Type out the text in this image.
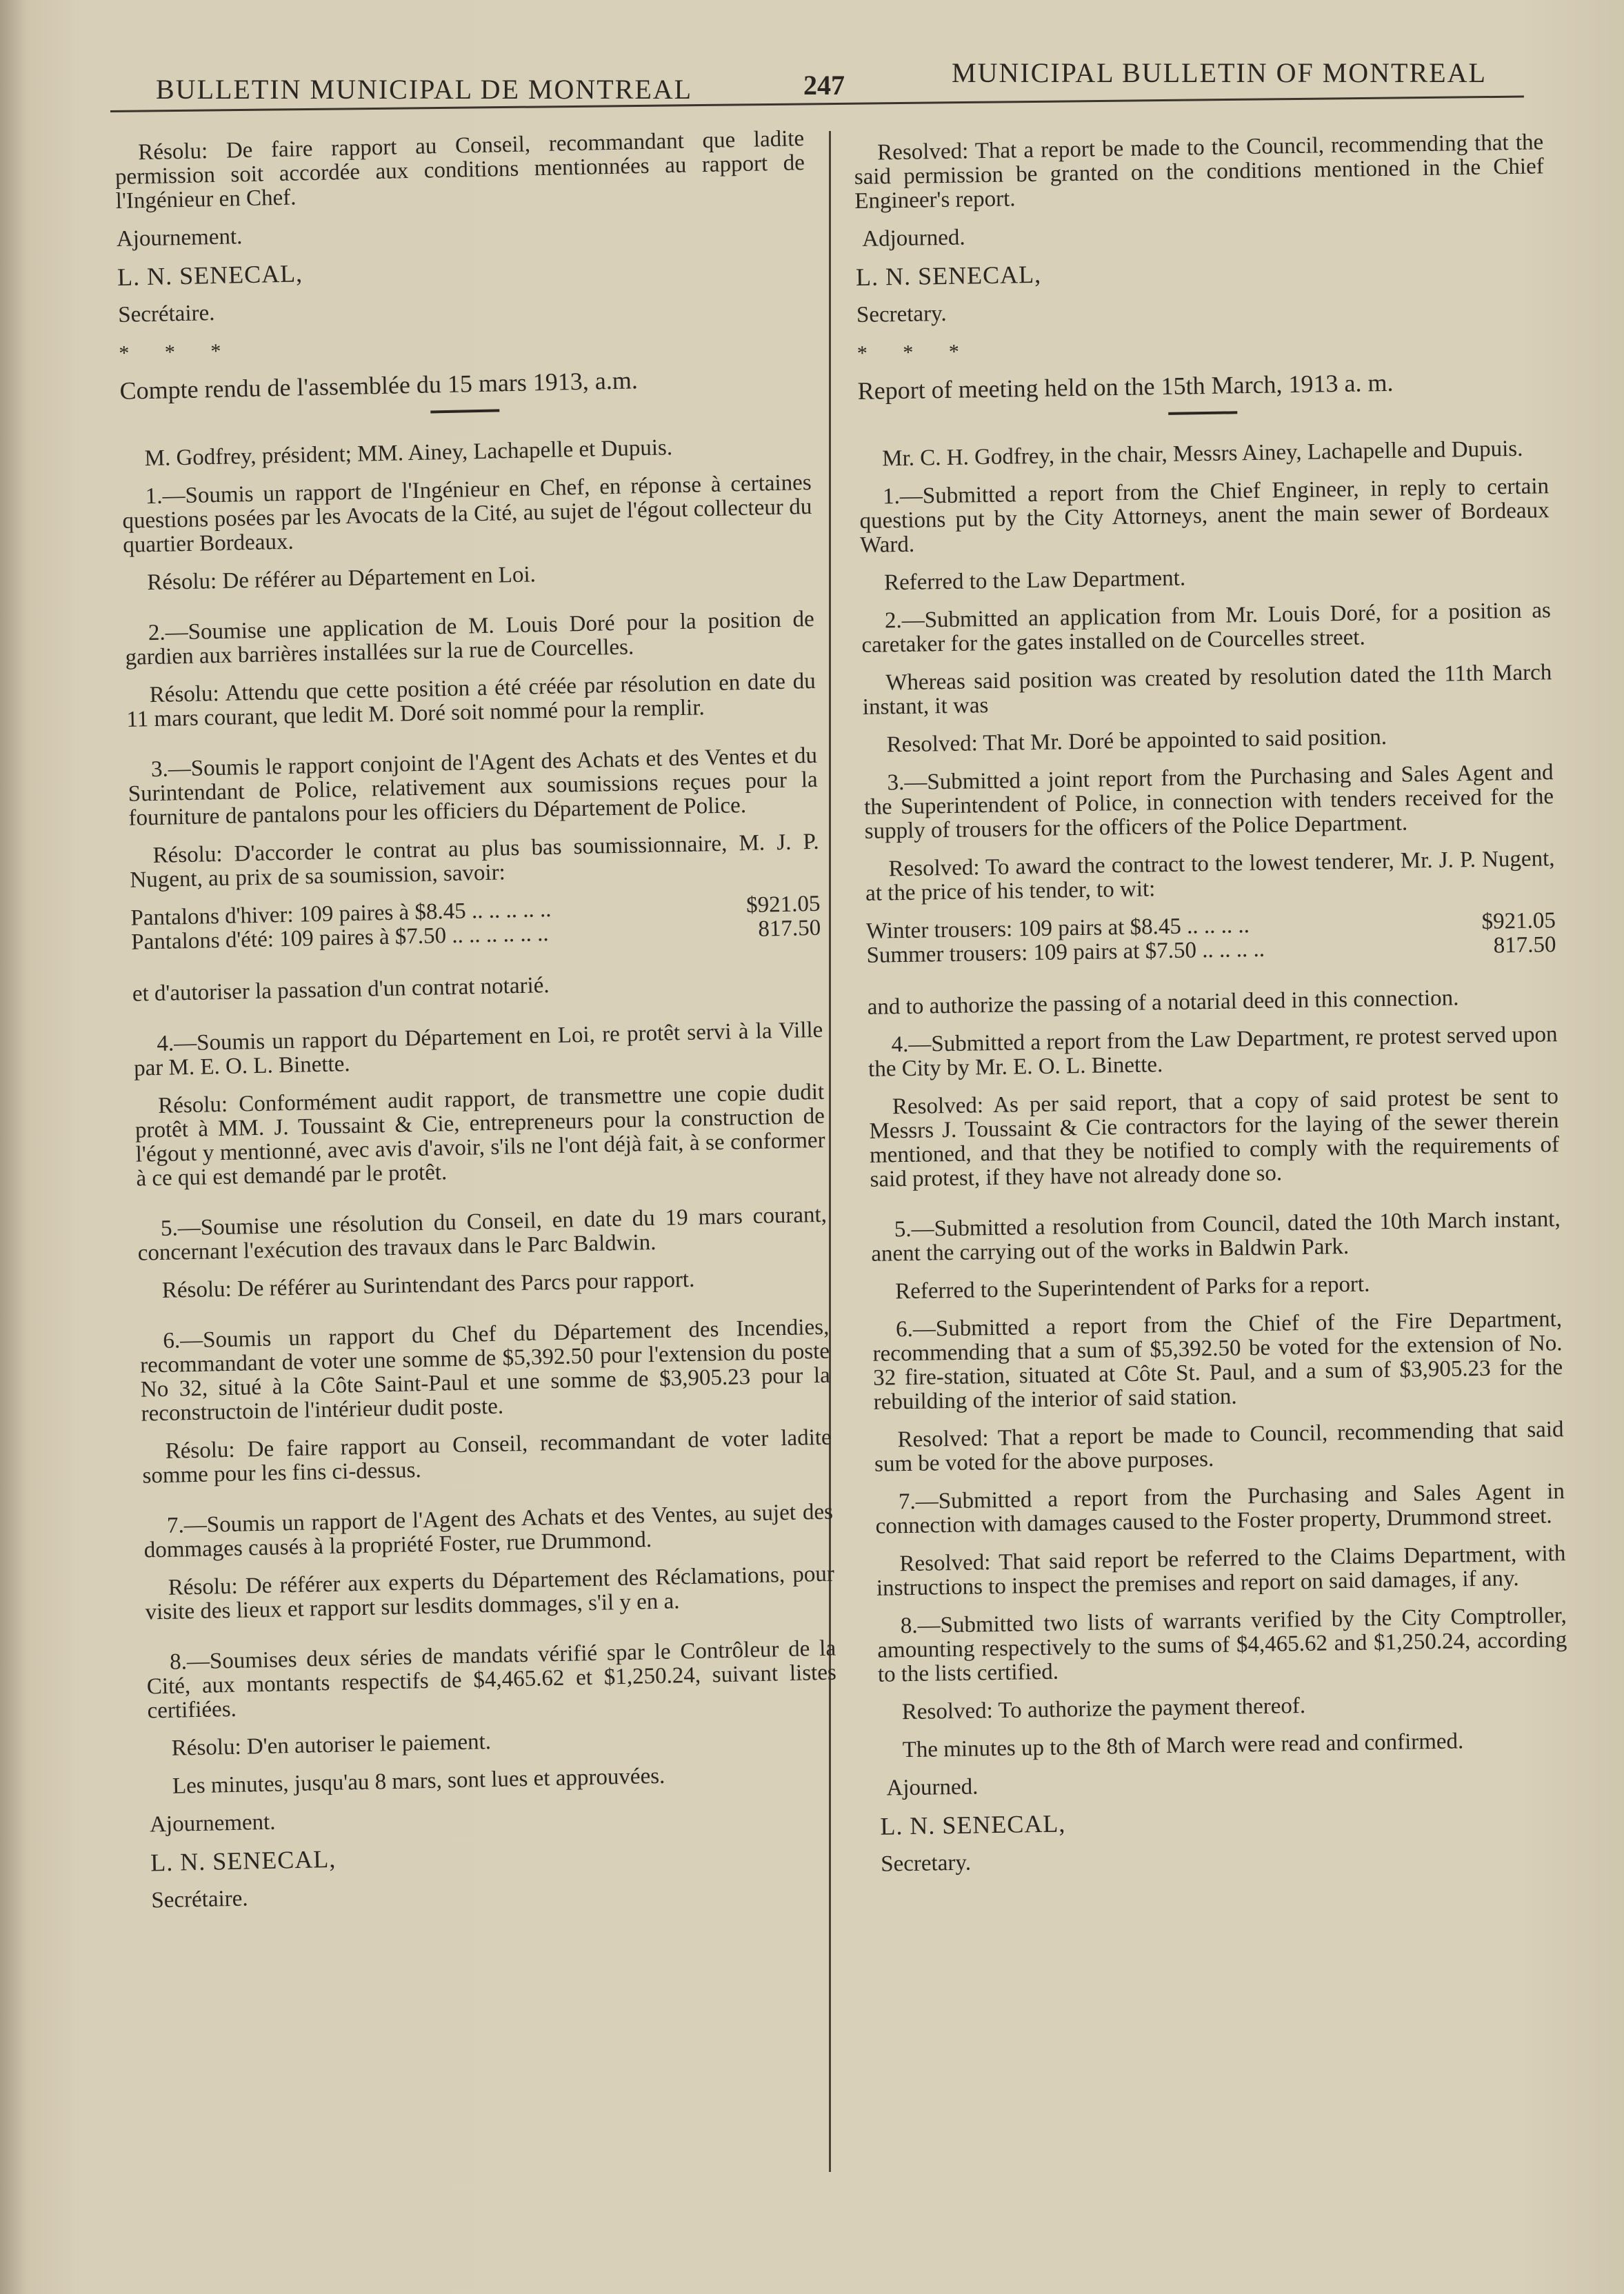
BULLETIN MUNICIPAL DE MONTREAL	247	MUNICIPAL BULLETIN OF MONTREAL

Résolu: De faire rapport au Conseil, recommandant que ladite permission soit accordée aux conditions mentionnées au rapport de l'Ingénieur en Chef.

Ajournement.

L. N. SENECAL,

Secrétaire.

* * *

Compte rendu de l'assemblée du 15 mars 1913, a.m.

M. Godfrey, président; MM. Ainey, Lachapelle et Dupuis.

1.—Soumis un rapport de l'Ingénieur en Chef, en réponse à certaines questions posées par les Avocats de la Cité, au sujet de l'égout collecteur du quartier Bordeaux.

Résolu: De référer au Département en Loi.

2.—Soumise une application de M. Louis Doré pour la position de gardien aux barrières installées sur la rue de Courcelles.

Résolu: Attendu que cette position a été créée par résolution en date du 11 mars courant, que ledit M. Doré soit nommé pour la remplir.

3.—Soumis le rapport conjoint de l'Agent des Achats et des Ventes et du Surintendant de Police, relativement aux soumissions reçues pour la fourniture de pantalons pour les officiers du Département de Police.

Résolu: D'accorder le contrat au plus bas soumissionnaire, M. J. P. Nugent, au prix de sa soumission, savoir:

Pantalons d'hiver: 109 paires à $8.45 .. .. .. .. ..	$921.05
Pantalons d'été: 109 paires à $7.50 .. .. .. .. .. ..	817.50

et d'autoriser la passation d'un contrat notarié.

4.—Soumis un rapport du Département en Loi, re protêt servi à la Ville par M. E. O. L. Binette.

Résolu: Conformément audit rapport, de transmettre une copie dudit protêt à MM. J. Toussaint & Cie, entrepreneurs pour la construction de l'égout y mentionné, avec avis d'avoir, s'ils ne l'ont déjà fait, à se conformer à ce qui est demandé par le protêt.

5.—Soumise une résolution du Conseil, en date du 19 mars courant, concernant l'exécution des travaux dans le Parc Baldwin.

Résolu: De référer au Surintendant des Parcs pour rapport.

6.—Soumis un rapport du Chef du Département des Incendies, recommandant de voter une somme de $5,392.50 pour l'extension du poste No 32, situé à la Côte Saint-Paul et une somme de $3,905.23 pour la reconstructoin de l'intérieur dudit poste.

Résolu: De faire rapport au Conseil, recommandant de voter ladite somme pour les fins ci-dessus.

7.—Soumis un rapport de l'Agent des Achats et des Ventes, au sujet des dommages causés à la propriété Foster, rue Drummond.

Résolu: De référer aux experts du Département des Réclamations, pour visite des lieux et rapport sur lesdits dommages, s'il y en a.

8.—Soumises deux séries de mandats vérifié spar le Contrôleur de la Cité, aux montants respectifs de $4,465.62 et $1,250.24, suivant listes certifiées.

Résolu: D'en autoriser le paiement.

Les minutes, jusqu'au 8 mars, sont lues et approuvées.

Ajournement.

L. N. SENECAL,

Secrétaire.

Resolved: That a report be made to the Council, recommending that the said permission be granted on the conditions mentioned in the Chief Engineer's report.

Adjourned.

L. N. SENECAL,

Secretary.

* * *

Report of meeting held on the 15th March, 1913 a. m.

Mr. C. H. Godfrey, in the chair, Messrs Ainey, Lachapelle and Dupuis.

1.—Submitted a report from the Chief Engineer, in reply to certain questions put by the City Attorneys, anent the main sewer of Bordeaux Ward.

Referred to the Law Department.

2.—Submitted an application from Mr. Louis Doré, for a position as caretaker for the gates installed on de Courcelles street.

Whereas said position was created by resolution dated the 11th March instant, it was

Resolved: That Mr. Doré be appointed to said position.

3.—Submitted a joint report from the Purchasing and Sales Agent and the Superintendent of Police, in connection with tenders received for the supply of trousers for the officers of the Police Department.

Resolved: To award the contract to the lowest tenderer, Mr. J. P. Nugent, at the price of his tender, to wit:

Winter trousers: 109 pairs at $8.45 .. .. .. ..	$921.05
Summer trousers: 109 pairs at $7.50 .. .. .. ..	817.50

and to authorize the passing of a notarial deed in this connection.

4.—Submitted a report from the Law Department, re protest served upon the City by Mr. E. O. L. Binette.

Resolved: As per said report, that a copy of said protest be sent to Messrs J. Toussaint & Cie contractors for the laying of the sewer therein mentioned, and that they be notified to comply with the requirements of said protest, if they have not already done so.

5.—Submitted a resolution from Council, dated the 10th March instant, anent the carrying out of the works in Baldwin Park.

Referred to the Superintendent of Parks for a report.

6.—Submitted a report from the Chief of the Fire Department, recommending that a sum of $5,392.50 be voted for the extension of No. 32 fire-station, situated at Côte St. Paul, and a sum of $3,905.23 for the rebuilding of the interior of said station.

Resolved: That a report be made to Council, recommending that said sum be voted for the above purposes.

7.—Submitted a report from the Purchasing and Sales Agent in connection with damages caused to the Foster property, Drummond street.

Resolved: That said report be referred to the Claims Department, with instructions to inspect the premises and report on said damages, if any.

8.—Submitted two lists of warrants verified by the City Comptroller, amounting respectively to the sums of $4,465.62 and $1,250.24, according to the lists certified.

Resolved: To authorize the payment thereof.

The minutes up to the 8th of March were read and confirmed.

Ajourned.

L. N. SENECAL,

Secretary.
